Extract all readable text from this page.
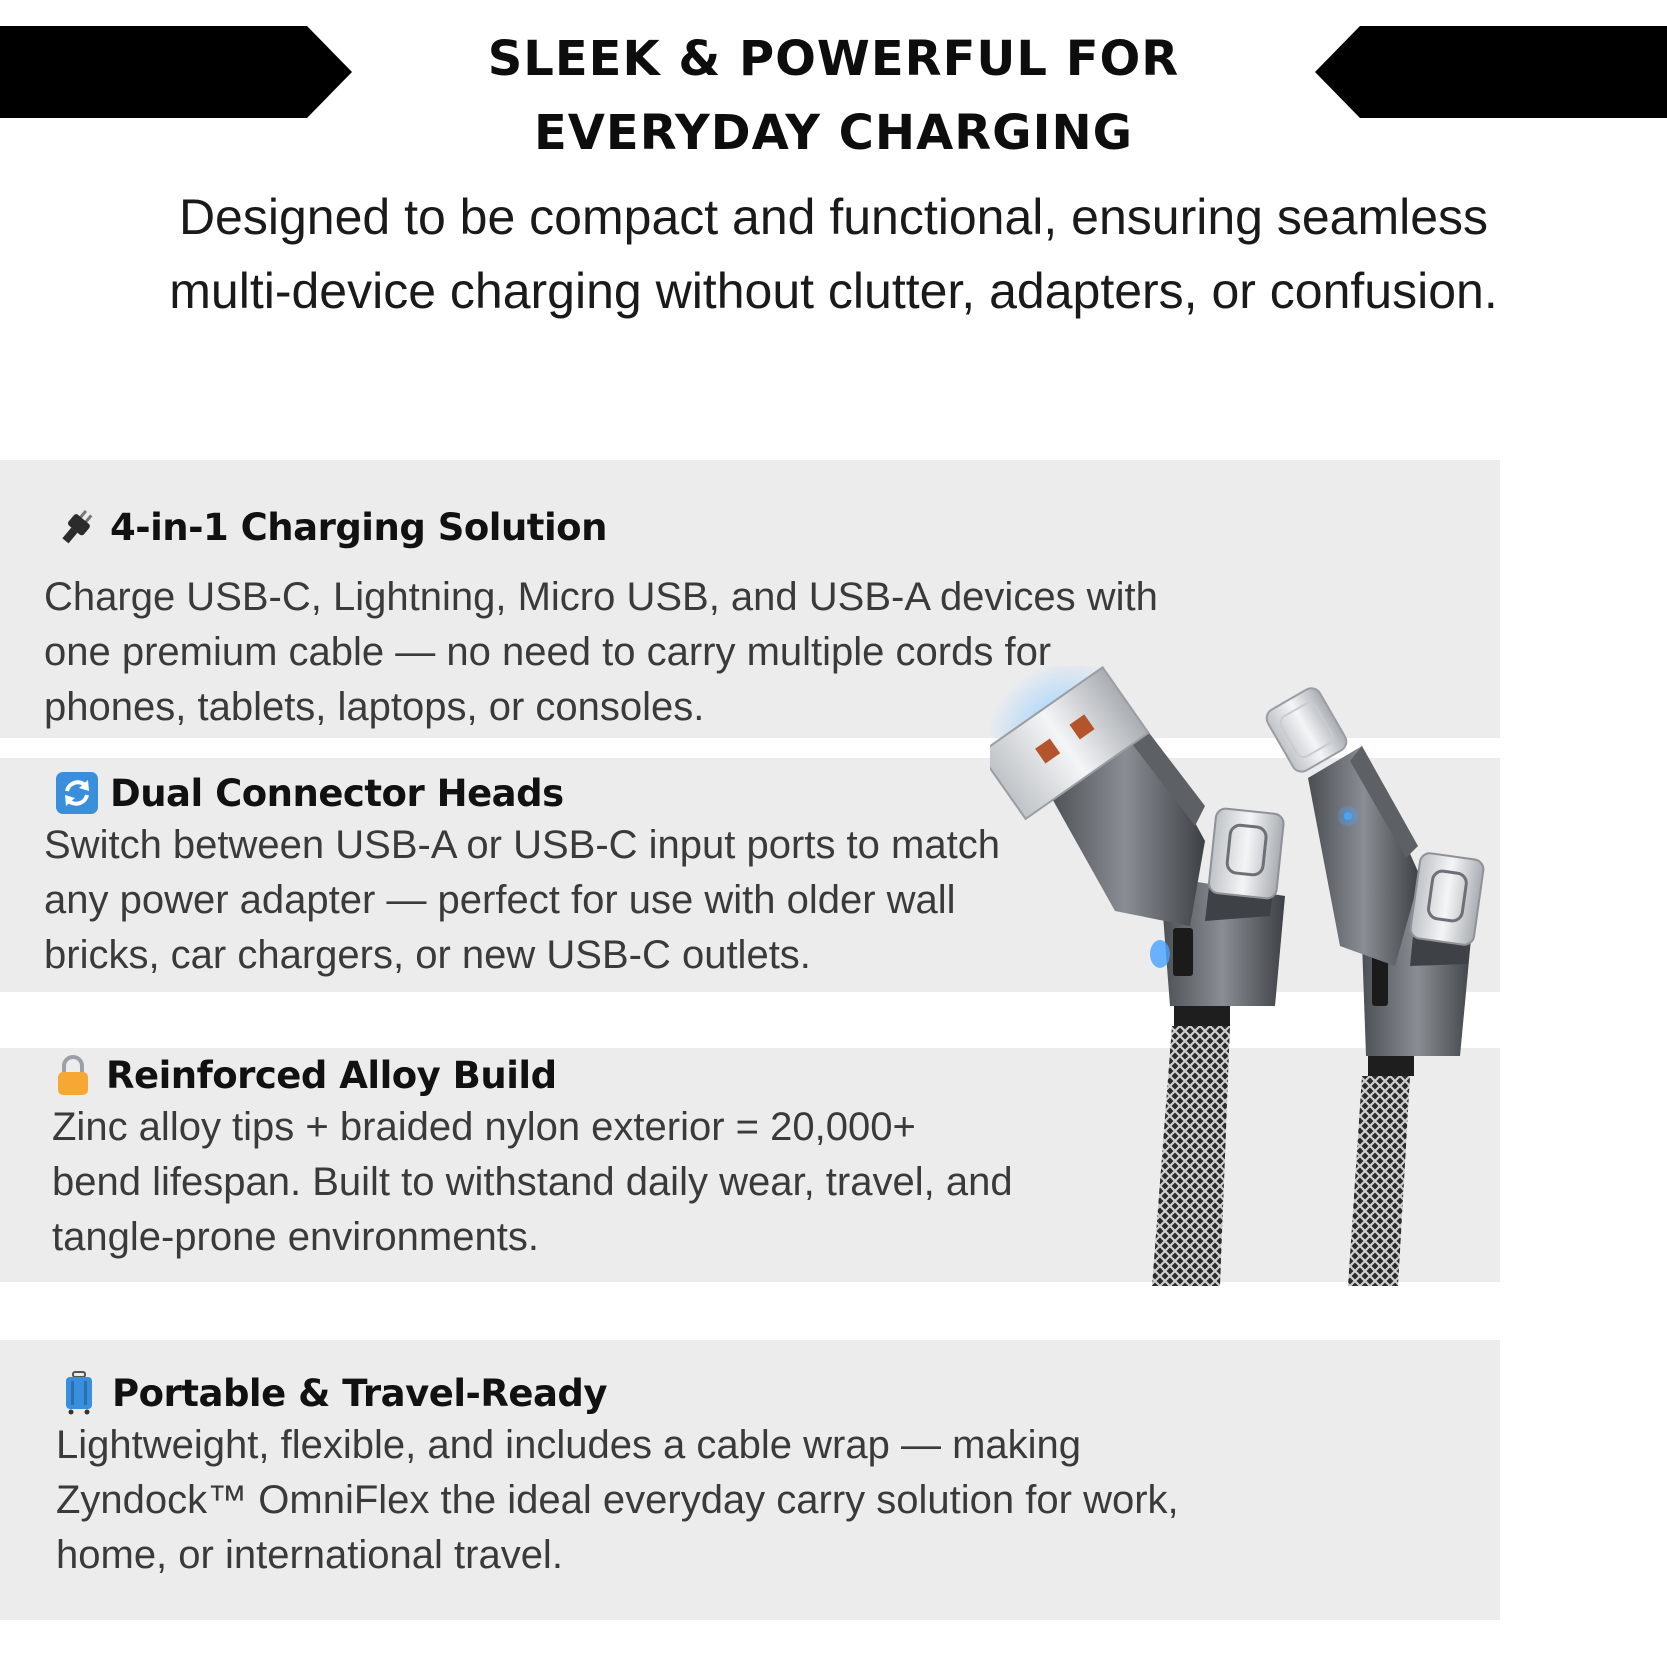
SLEEK & POWERFUL FOR
EVERYDAY CHARGING

Designed to be compact and functional, ensuring seamless
multi-device charging without clutter, adapters, or confusion.

4-in-1 Charging Solution

Charge USB-C, Lightning, Micro USB, and USB-A devices with
one premium cable — no need to carry multiple cords for
phones, tablets, laptops, or consoles.

Dual Connector Heads

Switch between USB-A or USB-C input ports to match
any power adapter — perfect for use with older wall
bricks, car chargers, or new USB-C outlets.

Reinforced Alloy Build

Zinc alloy tips + braided nylon exterior = 20,000+
bend lifespan. Built to withstand daily wear, travel, and
tangle-prone environments.

Portable & Travel-Ready

Lightweight, flexible, and includes a cable wrap — making
Zyndock™ OmniFlex the ideal everyday carry solution for work,
home, or international travel.
